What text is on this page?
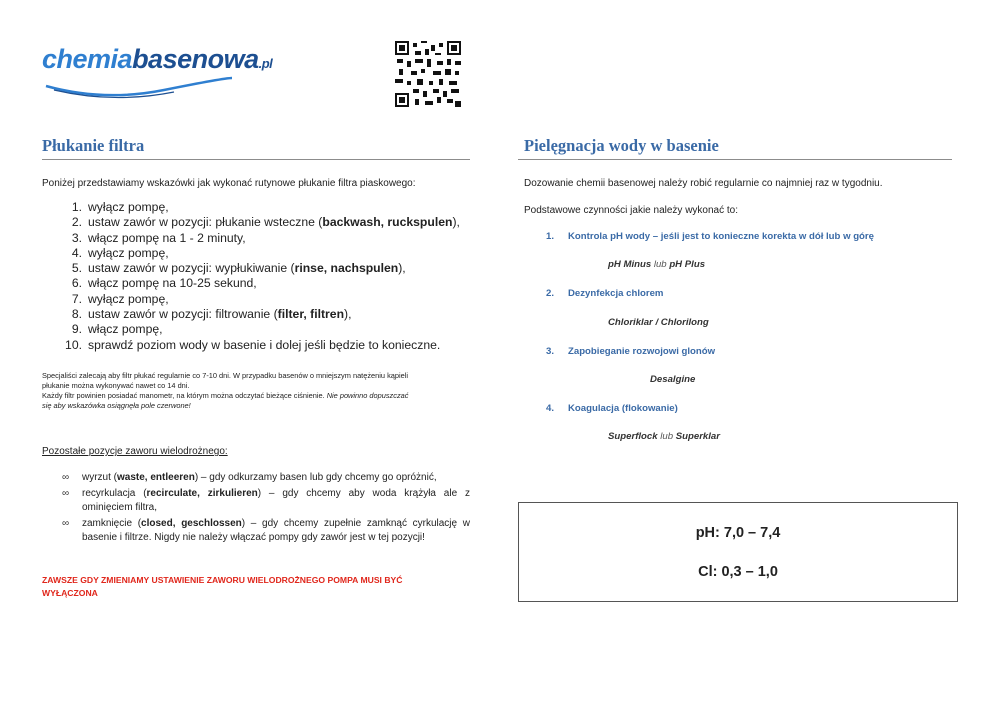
chemiabasenowa.pl
Płukanie filtra
Poniżej przedstawiamy wskazówki jak wykonać rutynowe płukanie filtra piaskowego:
1. wyłącz pompę,
2. ustaw zawór w pozycji: płukanie wsteczne (backwash, ruckspulen),
3. włącz pompę na 1 - 2 minuty,
4. wyłącz pompę,
5. ustaw zawór w pozycji: wypłukiwanie (rinse, nachspulen),
6. włącz pompę na 10-25 sekund,
7. wyłącz pompę,
8. ustaw zawór w pozycji: filtrowanie (filter, filtren),
9. włącz pompę,
10. sprawdź poziom wody w basenie i dolej jeśli będzie to konieczne.
Specjaliści zalecają aby filtr płukać regularnie co 7-10 dni. W przypadku basenów o mniejszym natężeniu kąpieli
płukanie można wykonywać nawet co 14 dni.
Każdy filtr powinien posiadać manometr, na którym można odczytać bieżące ciśnienie. Nie powinno dopuszczać
się aby wskazówka osiągnęła pole czerwone!
Pozostałe pozycje zaworu wielodrożnego:
∞	wyrzut (waste, entleeren) – gdy odkurzamy basen lub gdy chcemy go opróżnić,
∞	recyrkulacja (recirculate, zirkulieren) – gdy chcemy aby woda krążyła ale z ominięciem filtra,
∞	zamknięcie (closed, geschlossen) – gdy chcemy zupełnie zamknąć cyrkulację w basenie i filtrze. Nigdy nie należy włączać pompy gdy zawór jest w tej pozycji!
ZAWSZE GDY ZMIENIAMY USTAWIENIE ZAWORU WIELODROŻNEGO POMPA MUSI BYĆ
WYŁĄCZONA
Pielęgnacja wody w basenie
Dozowanie chemii basenowej należy robić regularnie co najmniej raz w tygodniu.
Podstawowe czynności jakie należy wykonać to:
1.	Kontrola pH wody – jeśli jest to konieczne korekta w dół lub w górę
pH Minus lub pH Plus
2.	Dezynfekcja chlorem
Chloriklar / Chlorilong
3.	Zapobieganie rozwojowi glonów
Desalgine
4.	Koagulacja (flokowanie)
Superflock lub Superklar
pH: 7,0 – 7,4
Cl: 0,3 – 1,0
